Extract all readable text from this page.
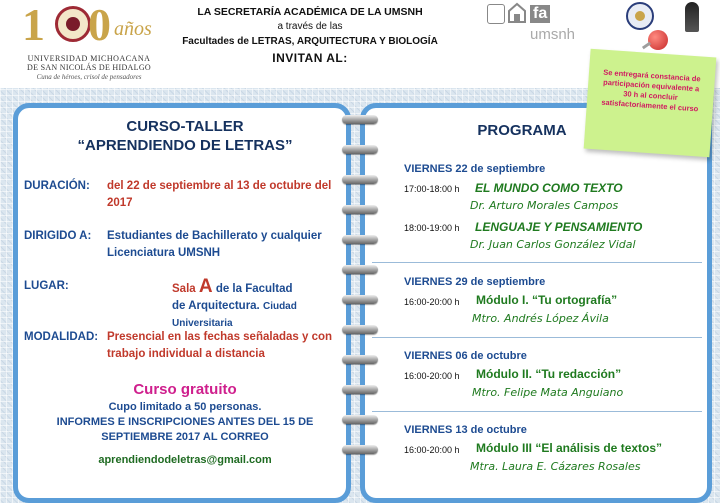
1 0 años
UNIVERSIDAD MICHOACANA
DE SAN NICOLÁS DE HIDALGO
Cuna de héroes, crisol de pensadores
LA SECRETARÍA ACADÉMICA DE LA UMSNH
a través de las
Facultades de LETRAS, ARQUITECTURA Y BIOLOGÍA
INVITAN AL:
faumsnh
Se entregará constancia de participación equivalente a 30 h al concluir satisfactoriamente el curso
CURSO-TALLER
“APRENDIENDO DE LETRAS”
DURACIÓN: del 22 de septiembre al 13 de octubre del 2017
DIRIGIDO A: Estudiantes de Bachillerato y cualquier Licenciatura UMSNH
LUGAR:	Sala A de la Facultad
de Arquitectura. Ciudad Universitaria
MODALIDAD: Presencial en las fechas señaladas y con trabajo individual a distancia
Curso gratuito
Cupo limitado a 50 personas.
INFORMES E INSCRIPCIONES ANTES DEL 15 DE SEPTIEMBRE 2017 AL CORREO
aprendiendodeletras@gmail.com
PROGRAMA
VIERNES 22 de septiembre
17:00-18:00 h EL MUNDO COMO TEXTO
Dr. Arturo Morales Campos
18:00-19:00 h LENGUAJE Y PENSAMIENTO
Dr. Juan Carlos González Vidal
VIERNES 29 de septiembre
16:00-20:00 h Módulo I. “Tu ortografía”
Mtro. Andrés López Ávila
VIERNES 06 de octubre
16:00-20:00 h Módulo II. “Tu redacción”
Mtro. Felipe Mata Anguiano
VIERNES 13 de octubre
16:00-20:00 h Módulo III “El análisis de textos”
Mtra. Laura E. Cázares Rosales
